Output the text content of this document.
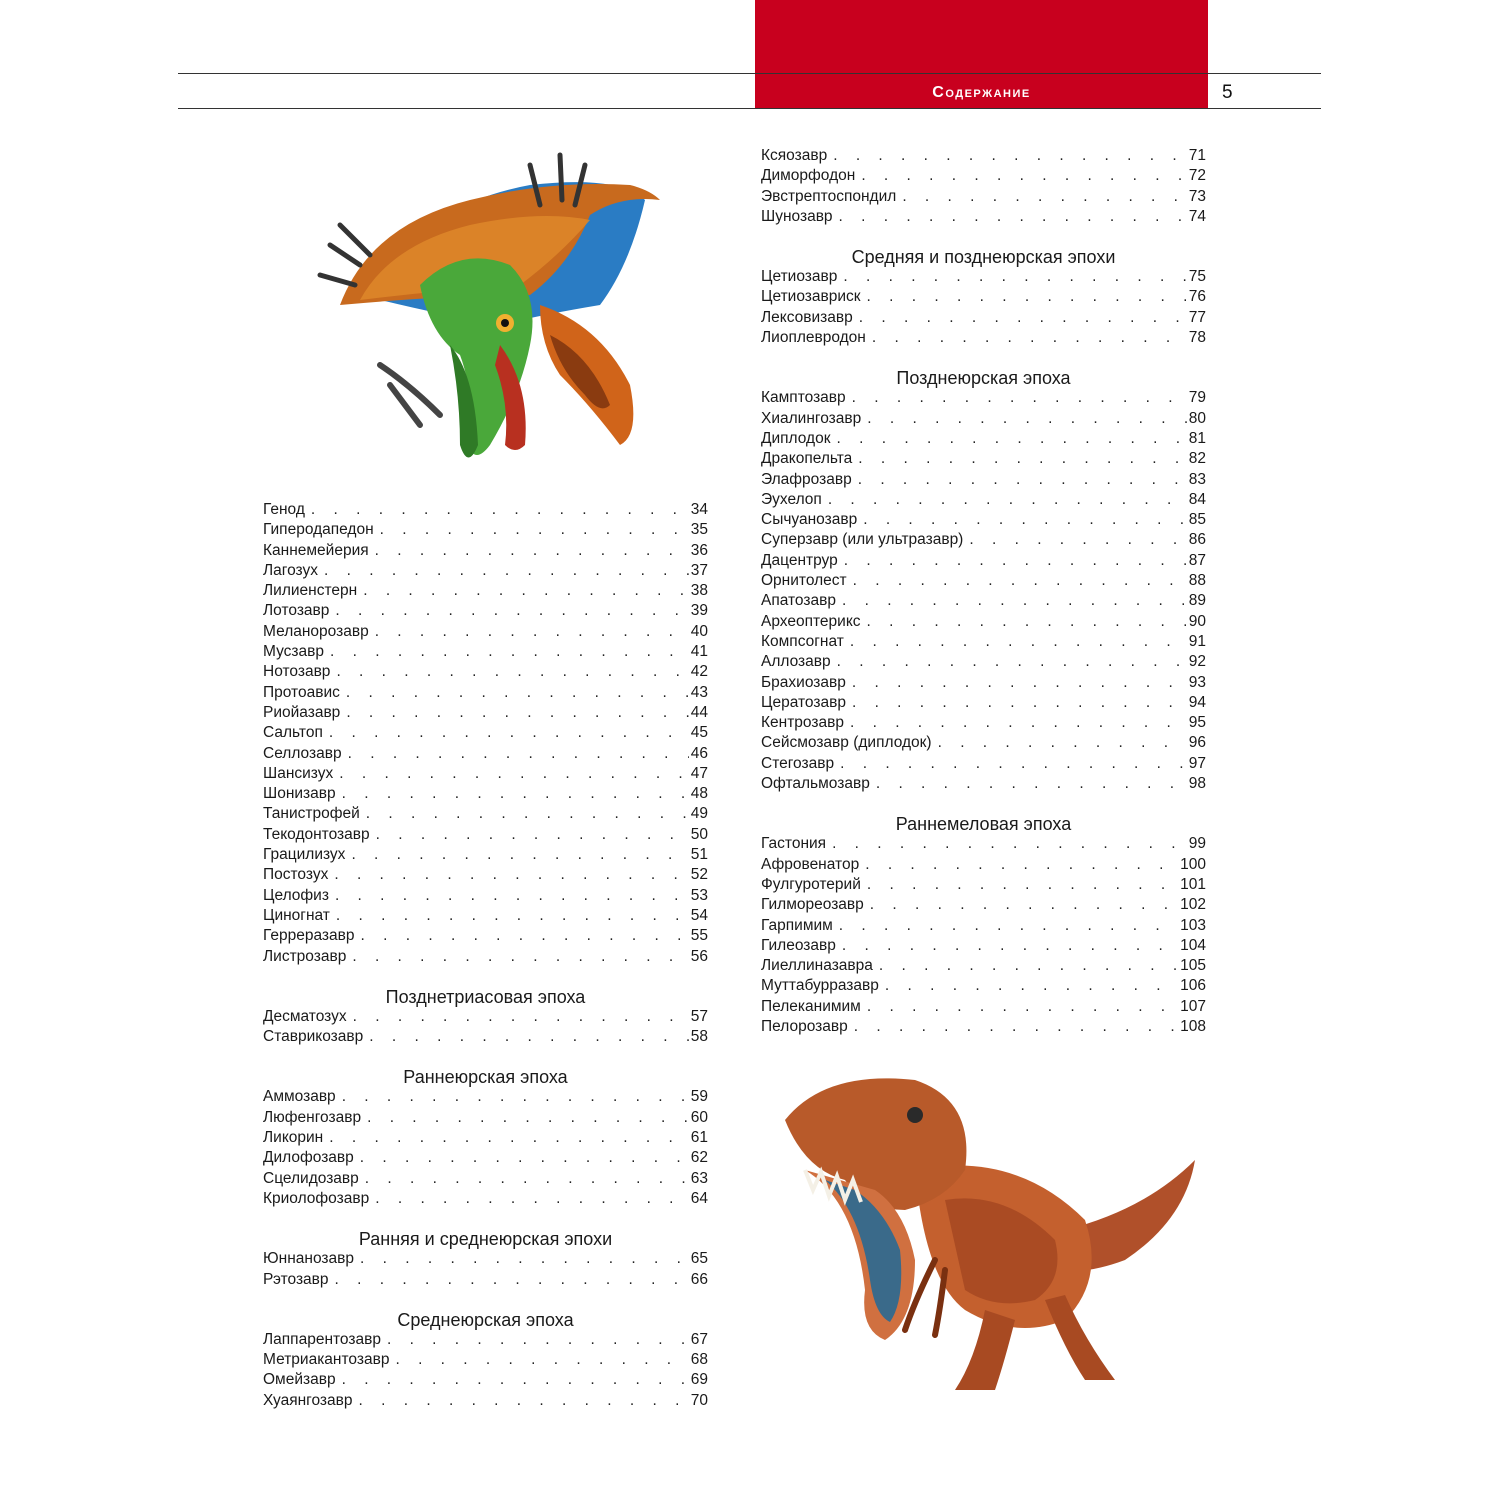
Содержание	5
Генод . . .	34
Гиперодапедон . . .	35
Каннемейерия . . .	36
Лагозух . . .	37
Лилиенстерн . . .	38
Лотозавр . . .	39
Меланорозавр . . .	40
Мусзавр . . .	41
Нотозавр . . .	42
Протоавис . . .	43
Риойазавр . . .	44
Сальтоп . . .	45
Селлозавр . . .	46
Шансизух . . .	47
Шонизавр . . .	48
Танистрофей . . .	49
Текодонтозавр . . .	50
Грацилизух . . .	51
Постозух . . .	52
Целофиз . . .	53
Циногнат . . .	54
Герреразавр . . .	55
Листрозавр . . .	56
Позднетриасовая эпоха
Десматозух . . .	57
Ставрикозавр . . .	58
Раннеюрская эпоха
Аммозавр . . .	59
Люфенгозавр . . .	60
Ликорин . . .	61
Дилофозавр . . .	62
Сцелидозавр . . .	63
Криолофозавр . . .	64
Ранняя и среднеюрская эпохи
Юннанозавр . . .	65
Рэтозавр . . .	66
Среднеюрская эпоха
Лаппарентозавр . . .	67
Метриакантозавр . . .	68
Омейзавр . . .	69
Хуаянгозавр . . .	70
Ксяозавр . . .	71
Диморфодон . . .	72
Эвстрептоспондил . . .	73
Шунозавр . . .	74
Средняя и позднеюрская эпохи
Цетиозавр . . .	75
Цетиозавриск . . .	76
Лексовизавр . . .	77
Лиоплевродон . . .	78
Позднеюрская эпоха
Камптозавр . . .	79
Хиалингозавр . . .	80
Диплодок . . .	81
Дракопельта . . .	82
Элафрозавр . . .	83
Эухелоп . . .	84
Сычуанозавр . . .	85
Суперзавр (или ультразавр) . . .	86
Дацентрур . . .	87
Орнитолест . . .	88
Апатозавр . . .	89
Археоптерикс . . .	90
Компсогнат . . .	91
Аллозавр . . .	92
Брахиозавр . . .	93
Цератозавр . . .	94
Кентрозавр . . .	95
Сейсмозавр (диплодок) . . .	96
Стегозавр . . .	97
Офтальмозавр . . .	98
Раннемеловая эпоха
Гастония . . .	99
Афровенатор . . .	100
Фулгуротерий . . .	101
Гилмореозавр . . .	102
Гарпимим . . .	103
Гилеозавр . . .	104
Лиеллиназавра . . .	105
Муттабурразавр . . .	106
Пелеканимим . . .	107
Пелорозавр . . .	108
